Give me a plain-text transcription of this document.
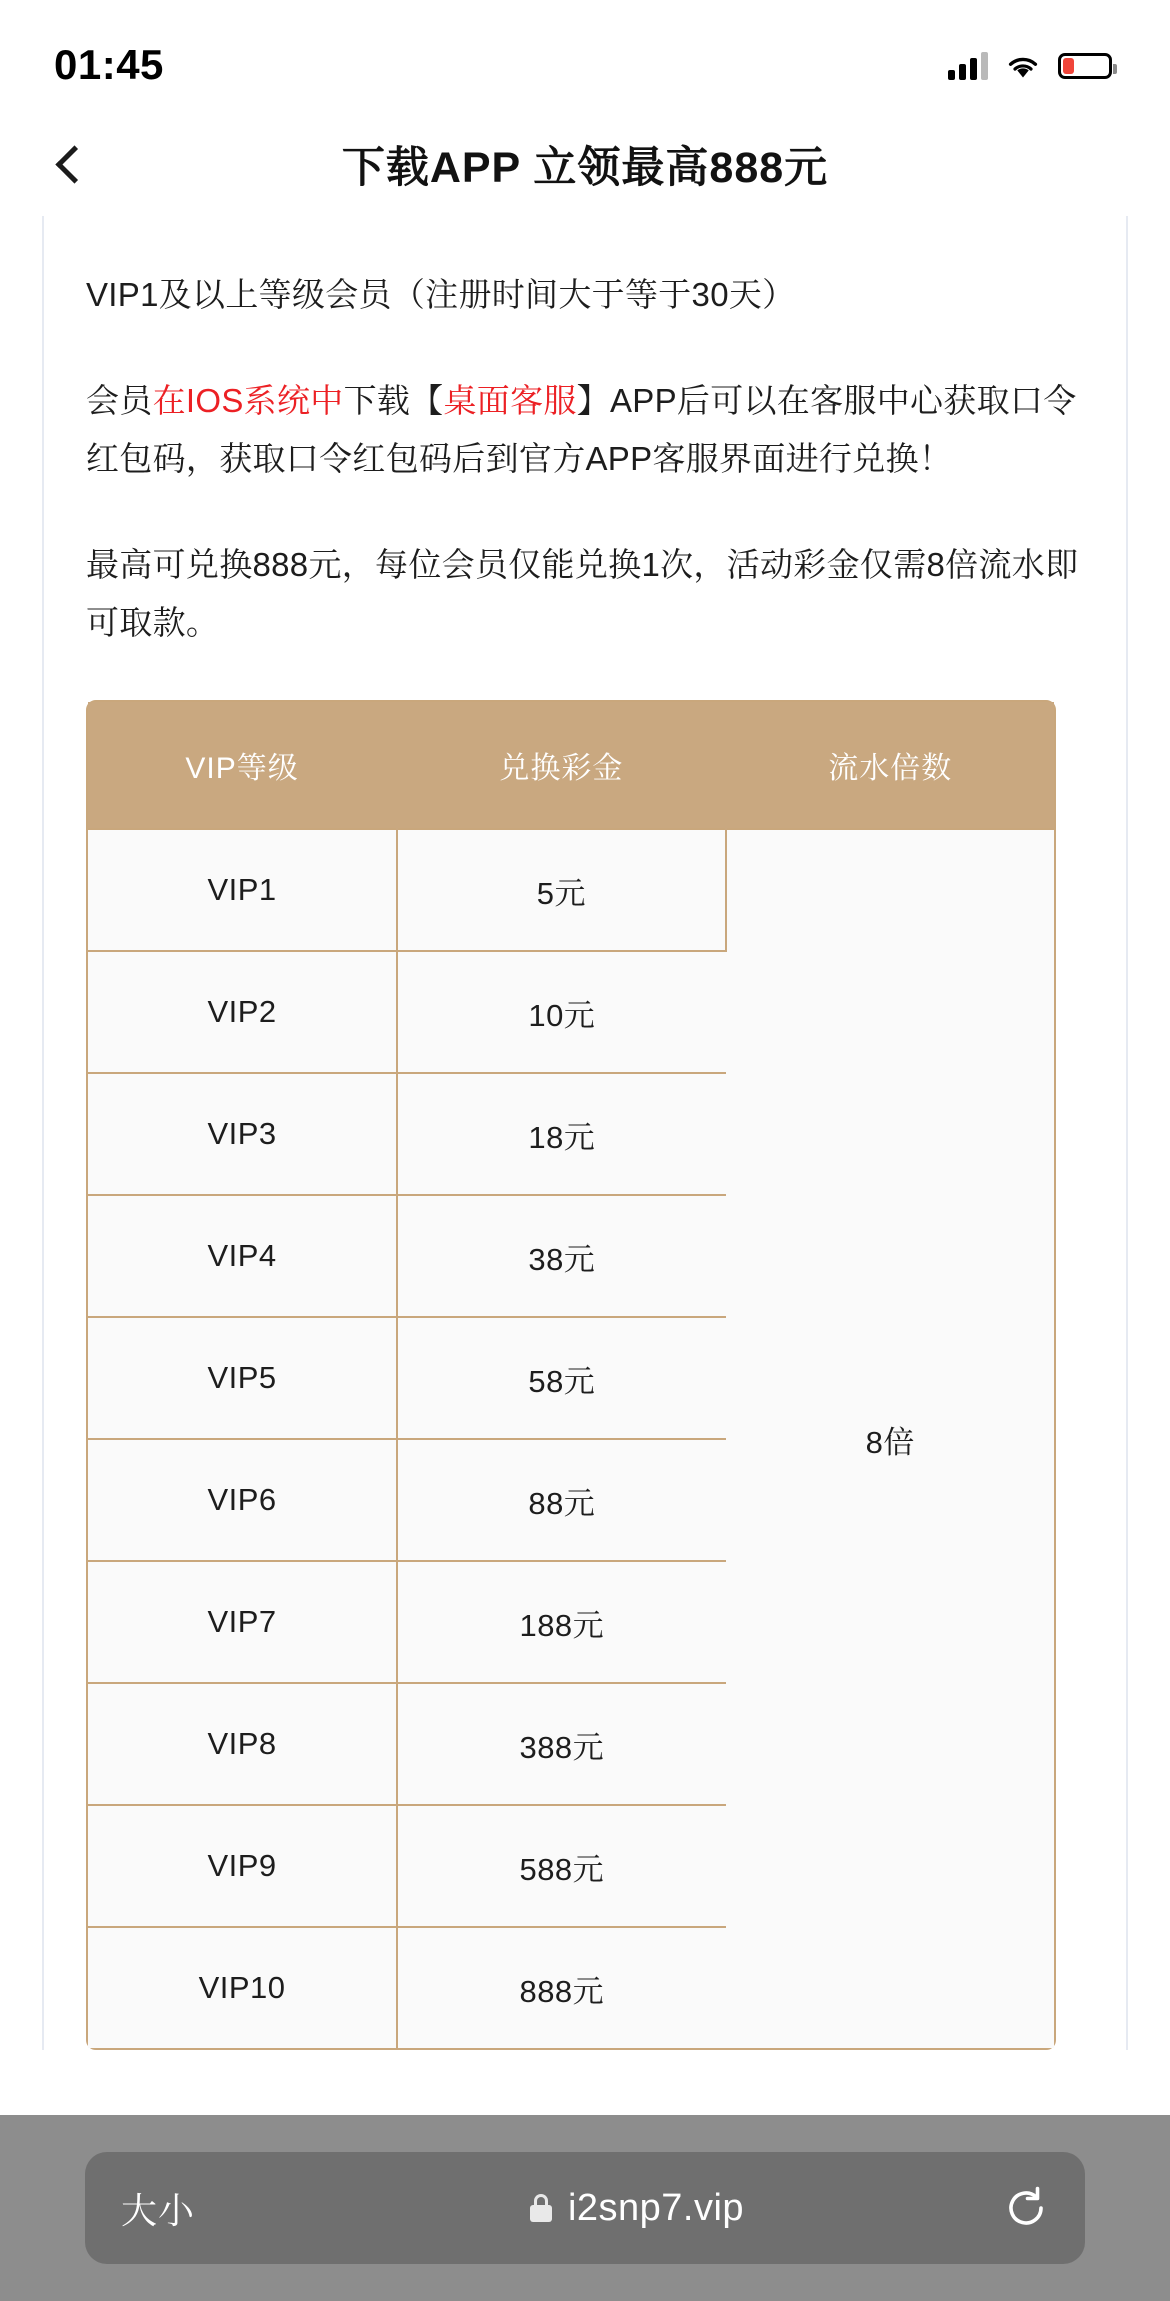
01:45
下载APP 立领最高888元

VIP1及以上等级会员（注册时间大于等于30天）

会员在IOS系统中下载【桌面客服】APP后可以在客服中心获取口令红包码，获取口令红包码后到官方APP客服界面进行兑换！

最高可兑换888元，每位会员仅能兑换1次，活动彩金仅需8倍流水即可取款。

VIP等级	兑换彩金	流水倍数
VIP1	5元	8倍
VIP2	10元	
VIP3	18元	
VIP4	38元	
VIP5	58元	
VIP6	88元	
VIP7	188元	
VIP8	388元	
VIP9	588元	
VIP10	888元	
大小	i2snp7.vip
